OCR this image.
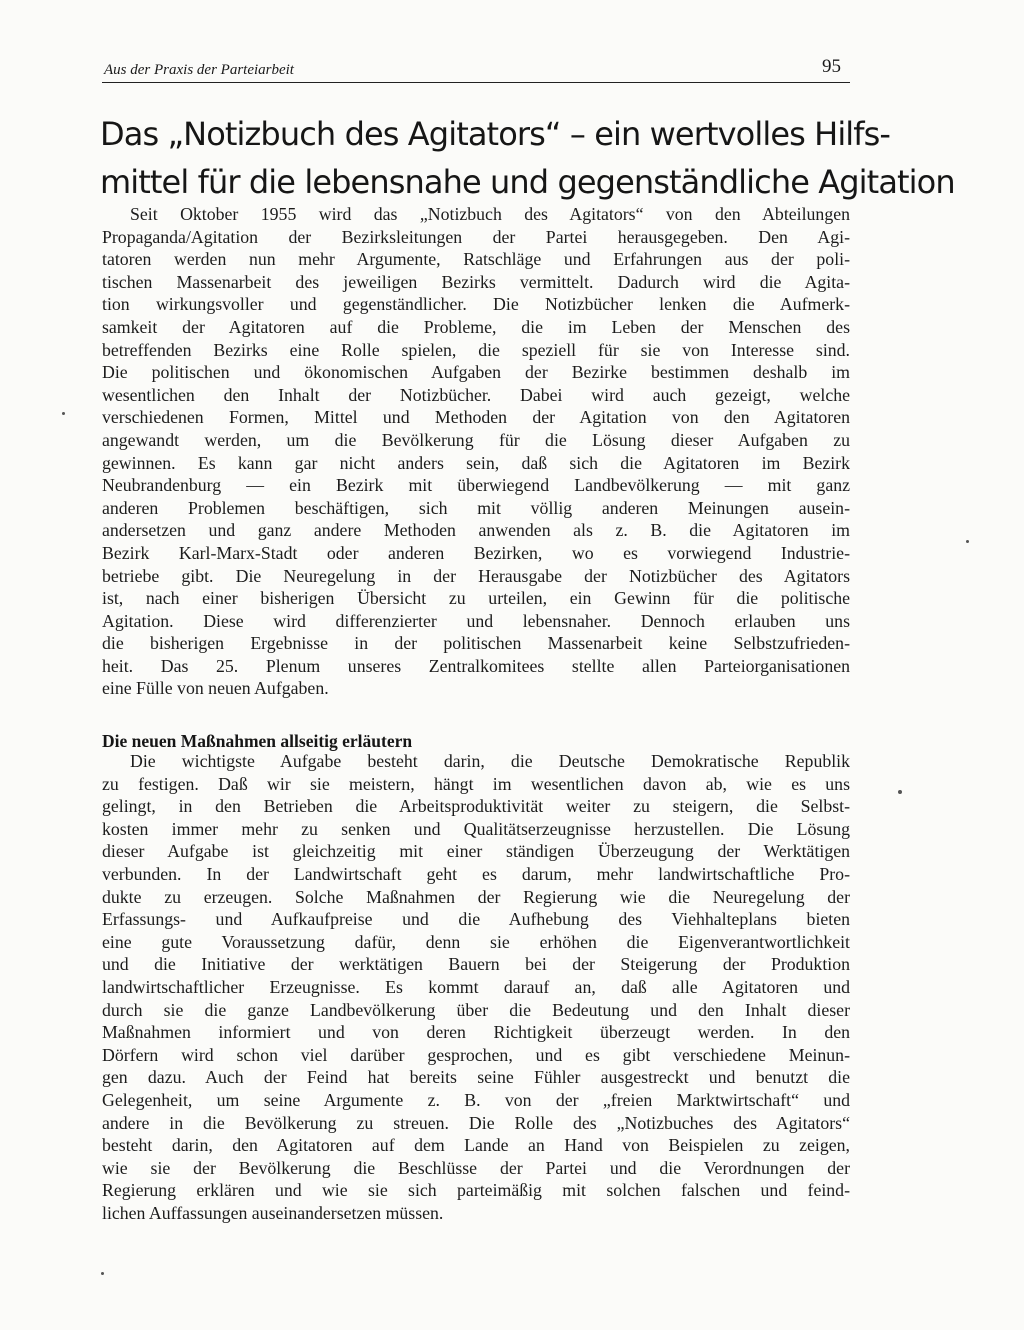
Aus der Praxis der Parteiarbeit	95
Das „Notizbuch des Agitators“ – ein wertvolles Hilfs-
mittel für die lebensnahe und gegenständliche Agitation
Seit Oktober 1955 wird das „Notizbuch des Agitators“ von den Abteilungen
Propaganda/Agitation der Bezirksleitungen der Partei herausgegeben. Den Agi-
tatoren werden nun mehr Argumente, Ratschläge und Erfahrungen aus der poli-
tischen Massenarbeit des jeweiligen Bezirks vermittelt. Dadurch wird die Agita-
tion wirkungsvoller und gegenständlicher. Die Notizbücher lenken die Aufmerk-
samkeit der Agitatoren auf die Probleme, die im Leben der Menschen des
betreffenden Bezirks eine Rolle spielen, die speziell für sie von Interesse sind.
Die politischen und ökonomischen Aufgaben der Bezirke bestimmen deshalb im
wesentlichen den Inhalt der Notizbücher. Dabei wird auch gezeigt, welche
verschiedenen Formen, Mittel und Methoden der Agitation von den Agitatoren
angewandt werden, um die Bevölkerung für die Lösung dieser Aufgaben zu
gewinnen. Es kann gar nicht anders sein, daß sich die Agitatoren im Bezirk
Neubrandenburg — ein Bezirk mit überwiegend Landbevölkerung — mit ganz
anderen Problemen beschäftigen, sich mit völlig anderen Meinungen ausein-
andersetzen und ganz andere Methoden anwenden als z. B. die Agitatoren im
Bezirk Karl-Marx-Stadt oder anderen Bezirken, wo es vorwiegend Industrie-
betriebe gibt. Die Neuregelung in der Herausgabe der Notizbücher des Agitators
ist, nach einer bisherigen Übersicht zu urteilen, ein Gewinn für die politische
Agitation. Diese wird differenzierter und lebensnaher. Dennoch erlauben uns
die bisherigen Ergebnisse in der politischen Massenarbeit keine Selbstzufrieden-
heit. Das 25. Plenum unseres Zentralkomitees stellte allen Parteiorganisationen
eine Fülle von neuen Aufgaben.
Die neuen Maßnahmen allseitig erläutern
Die wichtigste Aufgabe besteht darin, die Deutsche Demokratische Republik
zu festigen. Daß wir sie meistern, hängt im wesentlichen davon ab, wie es uns
gelingt, in den Betrieben die Arbeitsproduktivität weiter zu steigern, die Selbst-
kosten immer mehr zu senken und Qualitätserzeugnisse herzustellen. Die Lösung
dieser Aufgabe ist gleichzeitig mit einer ständigen Überzeugung der Werktätigen
verbunden. In der Landwirtschaft geht es darum, mehr landwirtschaftliche Pro-
dukte zu erzeugen. Solche Maßnahmen der Regierung wie die Neuregelung der
Erfassungs- und Aufkaufpreise und die Aufhebung des Viehhalteplans bieten
eine gute Voraussetzung dafür, denn sie erhöhen die Eigenverantwortlichkeit
und die Initiative der werktätigen Bauern bei der Steigerung der Produktion
landwirtschaftlicher Erzeugnisse. Es kommt darauf an, daß alle Agitatoren und
durch sie die ganze Landbevölkerung über die Bedeutung und den Inhalt dieser
Maßnahmen informiert und von deren Richtigkeit überzeugt werden. In den
Dörfern wird schon viel darüber gesprochen, und es gibt verschiedene Meinun-
gen dazu. Auch der Feind hat bereits seine Fühler ausgestreckt und benutzt die
Gelegenheit, um seine Argumente z. B. von der „freien Marktwirtschaft“ und
andere in die Bevölkerung zu streuen. Die Rolle des „Notizbuches des Agitators“
besteht darin, den Agitatoren auf dem Lande an Hand von Beispielen zu zeigen,
wie sie der Bevölkerung die Beschlüsse der Partei und die Verordnungen der
Regierung erklären und wie sie sich parteimäßig mit solchen falschen und feind-
lichen Auffassungen auseinandersetzen müssen.
